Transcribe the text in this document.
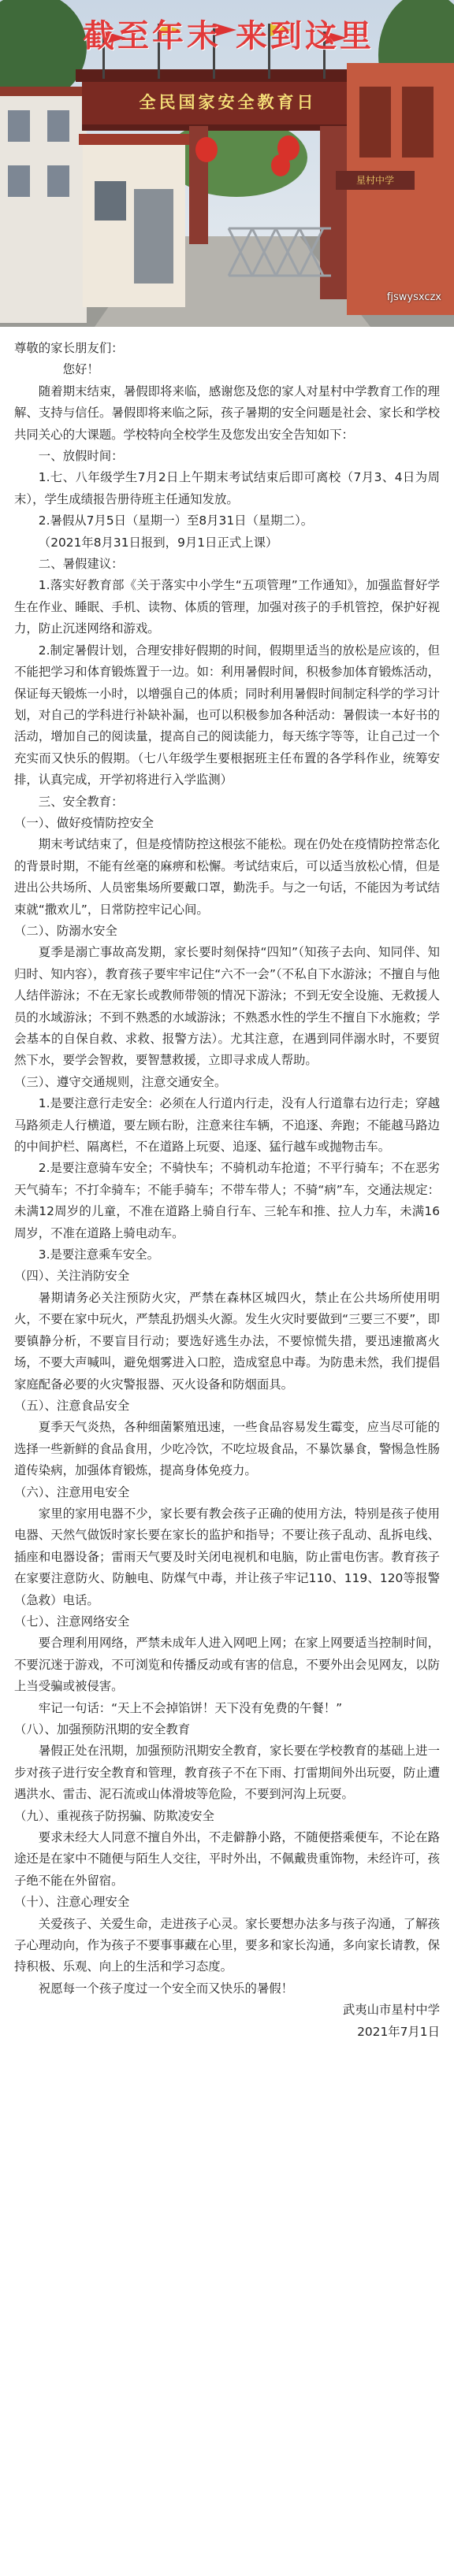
截至年末 来到这里
全民国家安全教育日
星村中学
fjswysxczx

尊敬的家长朋友们：

您好！

随着期末结束，暑假即将来临，感谢您及您的家人对星村中学教育工作的理解、支持与信任。暑假即将来临之际，孩子暑期的安全问题是社会、家长和学校共同关心的大课题。学校特向全校学生及您发出安全告知如下：

一、放假时间：

1.七、八年级学生7月2日上午期末考试结束后即可离校（7月3、4日为周末），学生成绩报告册待班主任通知发放。

2.暑假从7月5日（星期一）至8月31日（星期二）。

（2021年8月31日报到，9月1日正式上课）

二、暑假建议：

1.落实好教育部《关于落实中小学生“五项管理”工作通知》，加强监督好学生在作业、睡眠、手机、读物、体质的管理，加强对孩子的手机管控，保护好视力，防止沉迷网络和游戏。

2.制定暑假计划，合理安排好假期的时间，假期里适当的放松是应该的，但不能把学习和体育锻炼置于一边。如：利用暑假时间，积极参加体育锻炼活动，保证每天锻炼一小时，以增强自己的体质；同时利用暑假时间制定科学的学习计划，对自己的学科进行补缺补漏，也可以积极参加各种活动：暑假读一本好书的活动，增加自己的阅读量，提高自己的阅读能力，每天练字等等，让自己过一个充实而又快乐的假期。（七八年级学生要根据班主任布置的各学科作业，统筹安排，认真完成，开学初将进行入学监测）

三、安全教育：

（一）、做好疫情防控安全

期末考试结束了，但是疫情防控这根弦不能松。现在仍处在疫情防控常态化的背景时期，不能有丝毫的麻痹和松懈。考试结束后，可以适当放松心情，但是进出公共场所、人员密集场所要戴口罩，勤洗手。与之一句话，不能因为考试结束就“撒欢儿”，日常防控牢记心间。

（二）、防溺水安全

夏季是溺亡事故高发期，家长要时刻保持“四知”（知孩子去向、知同伴、知归时、知内容），教育孩子要牢牢记住“六不一会”（不私自下水游泳；不擅自与他人结伴游泳；不在无家长或教师带领的情况下游泳；不到无安全设施、无救援人员的水域游泳；不到不熟悉的水域游泳；不熟悉水性的学生不擅自下水施救；学会基本的自保自救、求救、报警方法）。尤其注意，在遇到同伴溺水时，不要贸然下水，要学会智救，要智慧救援，立即寻求成人帮助。

（三）、遵守交通规则，注意交通安全。

1.是要注意行走安全：必须在人行道内行走，没有人行道靠右边行走；穿越马路须走人行横道，要左顾右盼，注意来往车辆，不追逐、奔跑；不能越马路边的中间护栏、隔离栏，不在道路上玩耍、追逐、猛行越车或抛物击车。

2.是要注意骑车安全；不骑快车；不骑机动车抢道；不平行骑车；不在恶劣天气骑车；不打伞骑车；不能手骑车；不带车带人；不骑“病”车，交通法规定：未满12周岁的儿童，不准在道路上骑自行车、三轮车和推、拉人力车，未满16周岁，不准在道路上骑电动车。

3.是要注意乘车安全。

（四）、关注消防安全

暑期请务必关注预防火灾，严禁在森林区城四火，禁止在公共场所使用明火，不要在家中玩火，严禁乱扔烟头火源。发生火灾时要做到“三要三不要”，即要镇静分析，不要盲目行动；要选好逃生办法，不要惊慌失措，要迅速撤离火场，不要大声喊叫，避免烟雾进入口腔，造成窒息中毒。为防患未然，我们提倡家庭配备必要的火灾警报器、灭火设备和防烟面具。

（五）、注意食品安全

夏季天气炎热，各种细菌繁殖迅速，一些食品容易发生霉变，应当尽可能的选择一些新鲜的食品食用，少吃冷饮，不吃垃圾食品，不暴饮暴食，警惕急性肠道传染病，加强体育锻炼，提高身体免疫力。

（六）、注意用电安全

家里的家用电器不少，家长要有教会孩子正确的使用方法，特别是孩子使用电器、天然气做饭时家长要在家长的监护和指导；不要让孩子乱动、乱拆电线、插座和电器设备；雷雨天气要及时关闭电视机和电脑，防止雷电伤害。教育孩子在家要注意防火、防触电、防煤气中毒，并让孩子牢记110、119、120等报警（急救）电话。

（七）、注意网络安全

要合理利用网络，严禁未成年人进入网吧上网；在家上网要适当控制时间，不要沉迷于游戏，不可浏览和传播反动或有害的信息，不要外出会见网友，以防上当受骗或被侵害。

牢记一句话：“天上不会掉馅饼！天下没有免费的午餐！”

（八）、加强预防汛期的安全教育

暑假正处在汛期，加强预防汛期安全教育，家长要在学校教育的基础上进一步对孩子进行安全教育和管理，教育孩子不在下雨、打雷期间外出玩耍，防止遭遇洪水、雷击、泥石流或山体滑坡等危险，不要到河沟上玩耍。

（九）、重视孩子防拐骗、防欺凌安全

要求未经大人同意不擅自外出，不走僻静小路，不随便搭乘便车，不论在路途还是在家中不随便与陌生人交往，平时外出，不佩戴贵重饰物，未经许可，孩子绝不能在外留宿。

（十）、注意心理安全

关爱孩子、关爱生命，走进孩子心灵。家长要想办法多与孩子沟通，了解孩子心理动向，作为孩子不要事事藏在心里，要多和家长沟通，多向家长请教，保持积极、乐观、向上的生活和学习态度。

祝愿每一个孩子度过一个安全而又快乐的暑假！

武夷山市星村中学

2021年7月1日
